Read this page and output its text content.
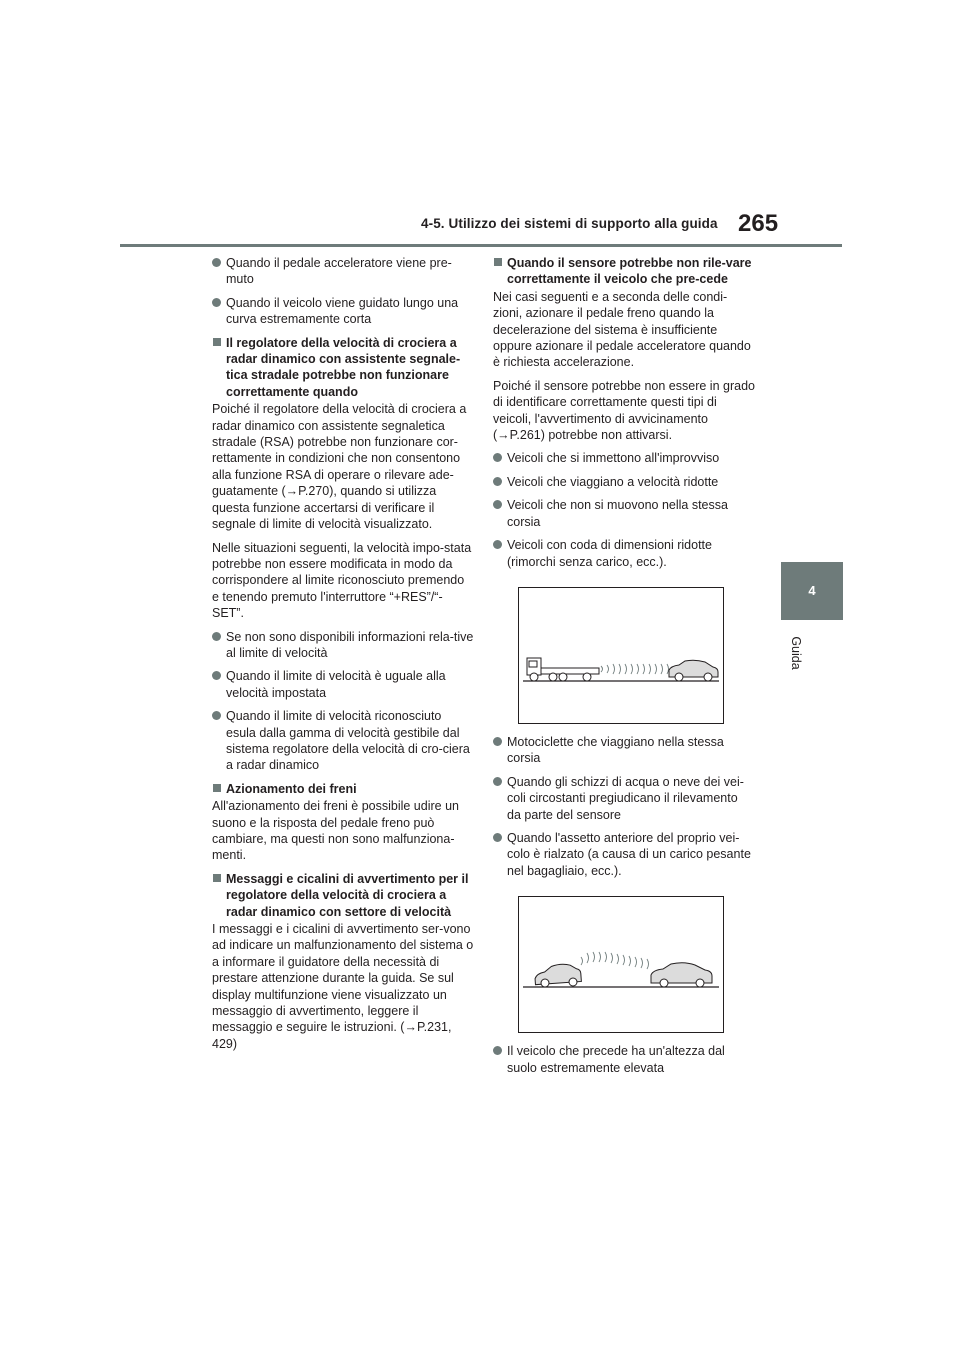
4-5. Utilizzo dei sistemi di supporto alla guida 265
4
Guida
Quando il pedale acceleratore viene pre-muto
Quando il veicolo viene guidato lungo una curva estremamente corta
Il regolatore della velocità di crociera a radar dinamico con assistente segnale-tica stradale potrebbe non funzionare correttamente quando
Poiché il regolatore della velocità di crociera a radar dinamico con assistente segnaletica stradale (RSA) potrebbe non funzionare cor-rettamente in condizioni che non consentono alla funzione RSA di operare o rilevare ade-guatamente (→P.270), quando si utilizza questa funzione accertarsi di verificare il segnale di limite di velocità visualizzato.
Nelle situazioni seguenti, la velocità impo-stata potrebbe non essere modificata in modo da corrispondere al limite riconosciuto premendo e tenendo premuto l'interruttore “+RES”/“-SET”.
Se non sono disponibili informazioni rela-tive al limite di velocità
Quando il limite di velocità è uguale alla velocità impostata
Quando il limite di velocità riconosciuto esula dalla gamma di velocità gestibile dal sistema regolatore della velocità di cro-ciera a radar dinamico
Azionamento dei freni
All'azionamento dei freni è possibile udire un suono e la risposta del pedale freno può cambiare, ma questi non sono malfunziona-menti.
Messaggi e cicalini di avvertimento per il regolatore della velocità di crociera a radar dinamico con settore di velocità
I messaggi e i cicalini di avvertimento ser-vono ad indicare un malfunzionamento del sistema o a informare il guidatore della necessità di prestare attenzione durante la guida. Se sul display multifunzione viene visualizzato un messaggio di avvertimento, leggere il messaggio e seguire le istruzioni. (→P.231, 429)
Quando il sensore potrebbe non rile-vare correttamente il veicolo che pre-cede
Nei casi seguenti e a seconda delle condi-zioni, azionare il pedale freno quando la decelerazione del sistema è insufficiente oppure azionare il pedale acceleratore quando è richiesta accelerazione.
Poiché il sensore potrebbe non essere in grado di identificare correttamente questi tipi di veicoli, l'avvertimento di avvicinamento (→P.261) potrebbe non attivarsi.
Veicoli che si immettono all'improvviso
Veicoli che viaggiano a velocità ridotte
Veicoli che non si muovono nella stessa corsia
Veicoli con coda di dimensioni ridotte (rimorchi senza carico, ecc.).
Motociclette che viaggiano nella stessa corsia
Quando gli schizzi di acqua o neve dei vei-coli circostanti pregiudicano il rilevamento da parte del sensore
Quando l'assetto anteriore del proprio vei-colo è rialzato (a causa di un carico pesante nel bagagliaio, ecc.).
Il veicolo che precede ha un'altezza dal suolo estremamente elevata
